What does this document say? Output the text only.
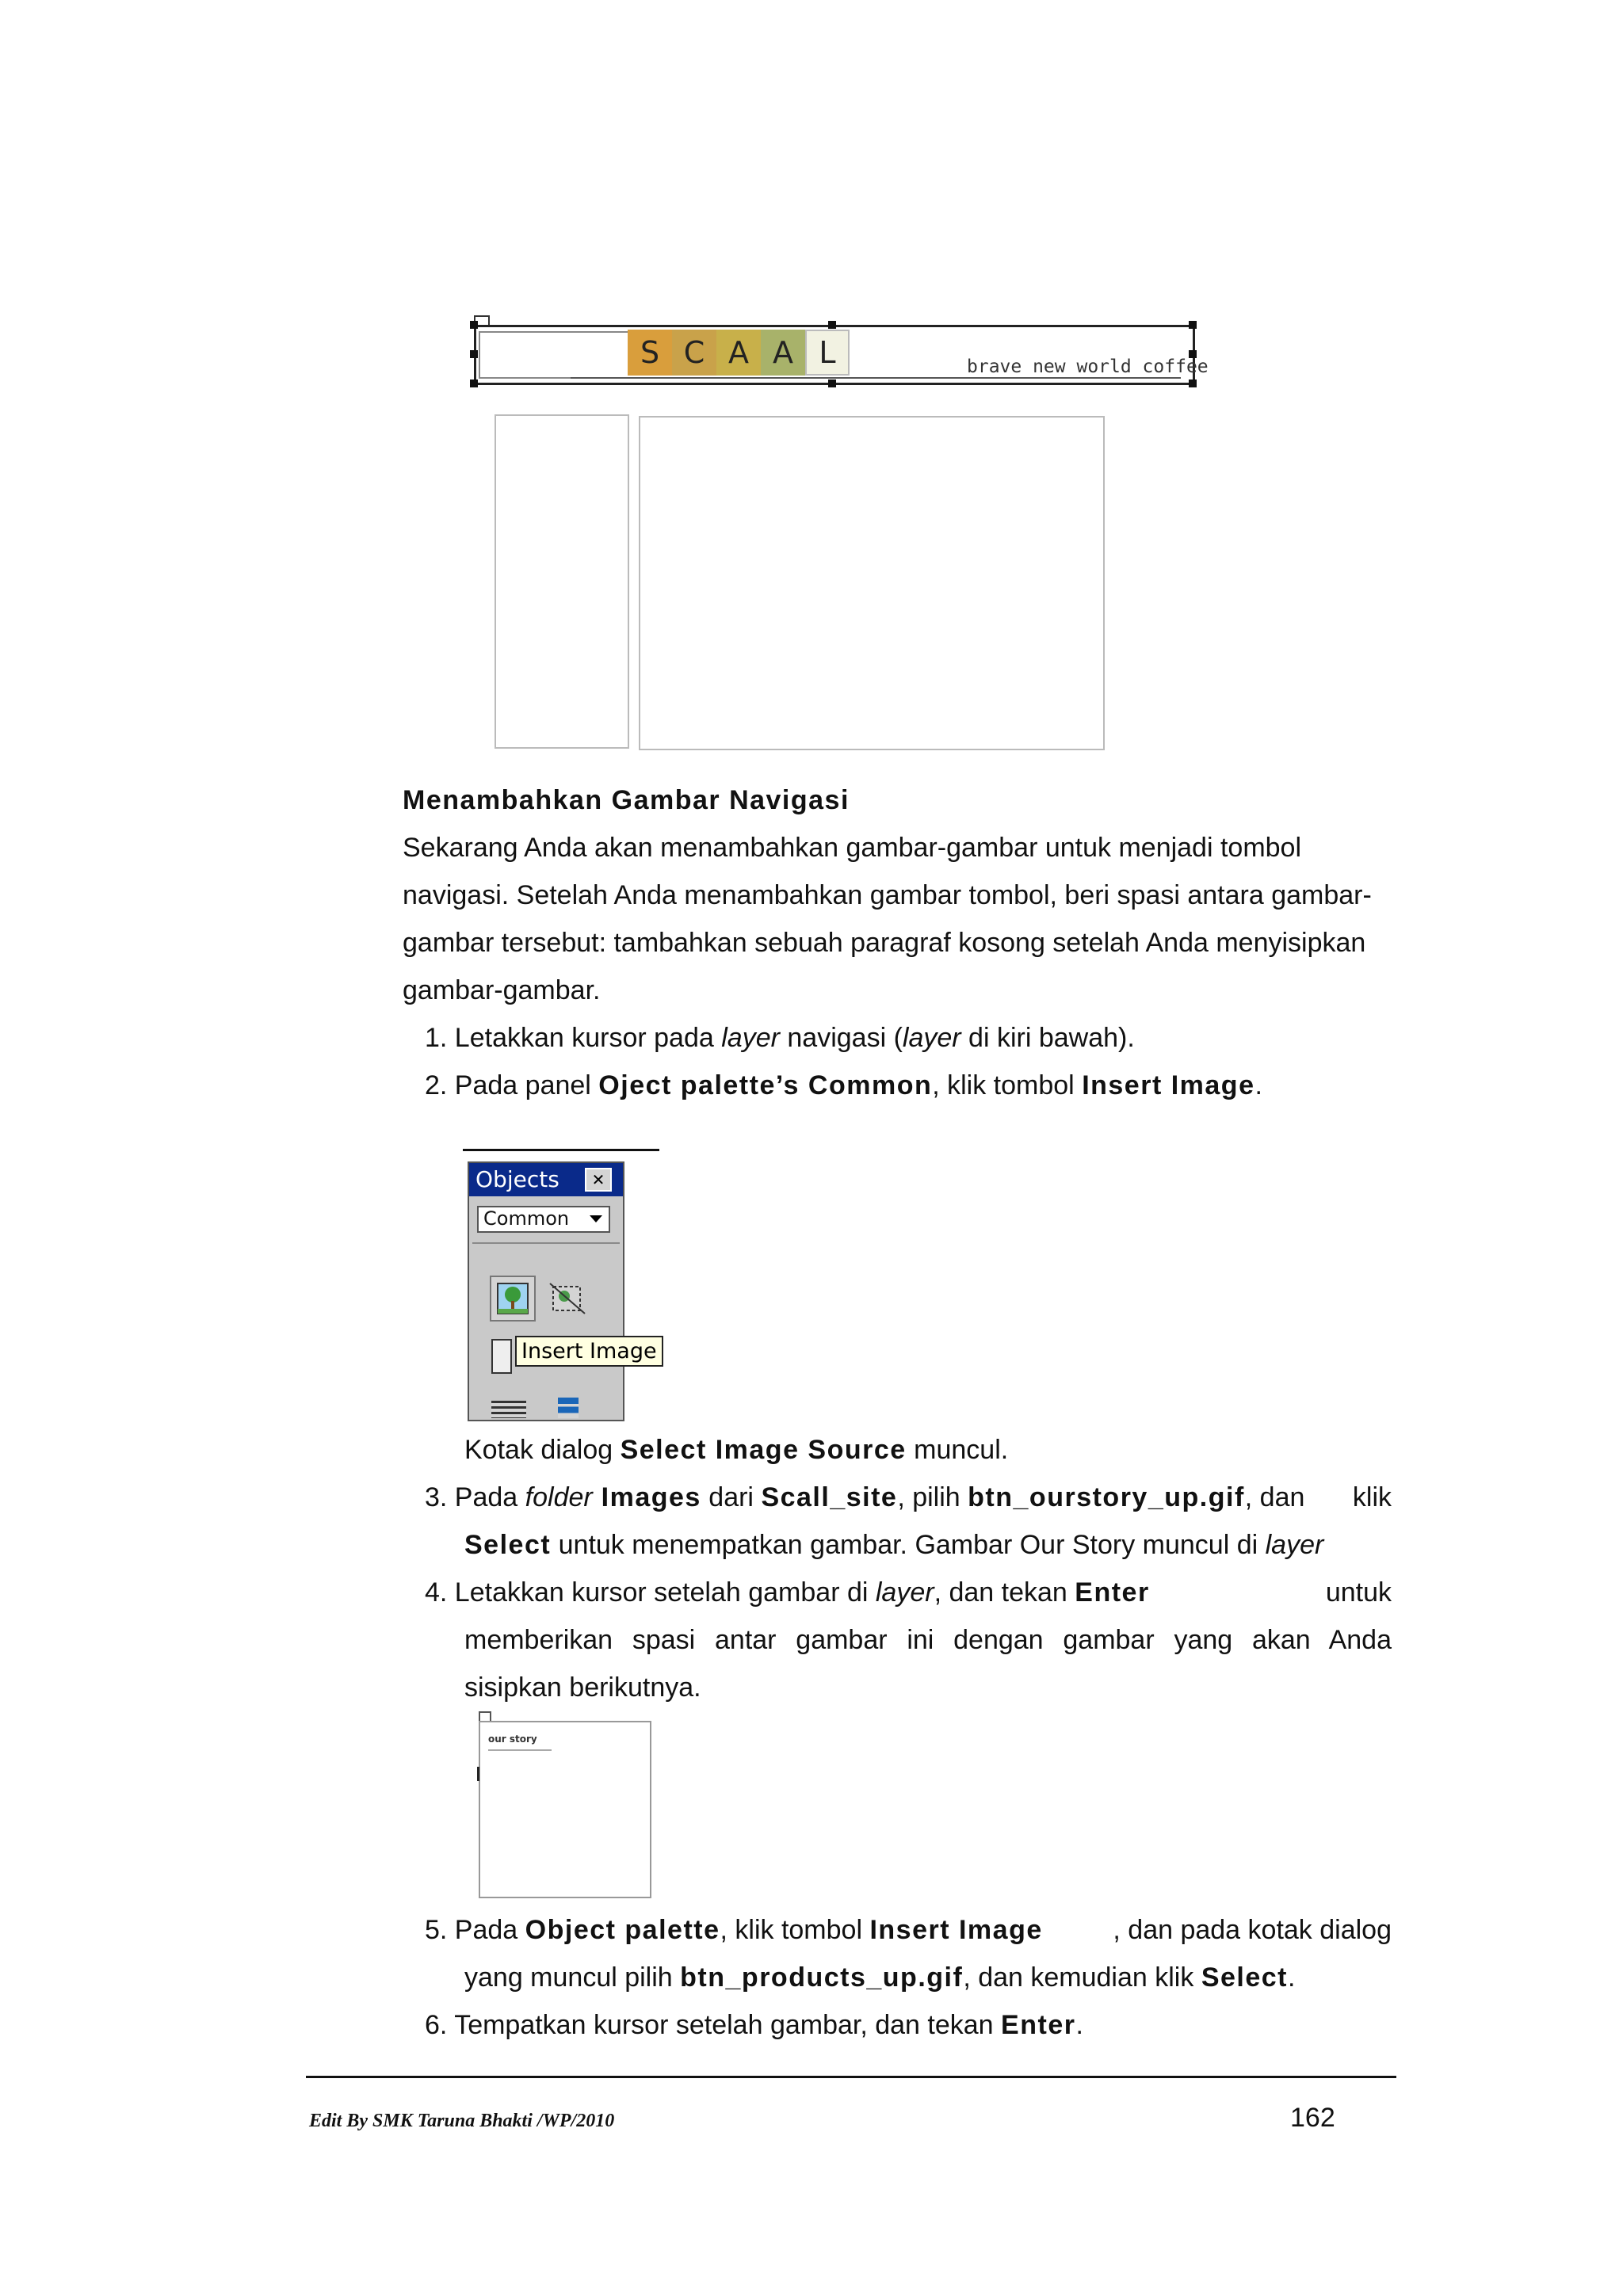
S C A A L	brave new world coffee
Menambahkan Gambar Navigasi
Sekarang Anda akan menambahkan gambar-gambar untuk menjadi tombol
navigasi. Setelah Anda menambahkan gambar tombol, beri spasi antara gambar-
gambar tersebut: tambahkan sebuah paragraf kosong setelah Anda menyisipkan
gambar-gambar.
1. Letakkan kursor pada layer navigasi (layer di kiri bawah).
2. Pada panel Oject palette’s Common, klik tombol Insert Image.
Objects	✕
Common
Insert Image
Kotak dialog Select Image Source muncul.
3. Pada folder Images dari Scall_site, pilih btn_ourstory_up.gif, dan klik
Select untuk menempatkan gambar. Gambar Our Story muncul di layer
4. Letakkan kursor setelah gambar di layer, dan tekan Enter	untuk
memberikan spasi antar gambar ini dengan gambar yang akan Anda
sisipkan berikutnya.
our story
5. Pada Object palette, klik tombol Insert Image	, dan pada kotak dialog
yang muncul pilih btn_products_up.gif, dan kemudian klik Select.
6. Tempatkan kursor setelah gambar, dan tekan Enter.
Edit By SMK Taruna Bhakti /WP/2010	162
